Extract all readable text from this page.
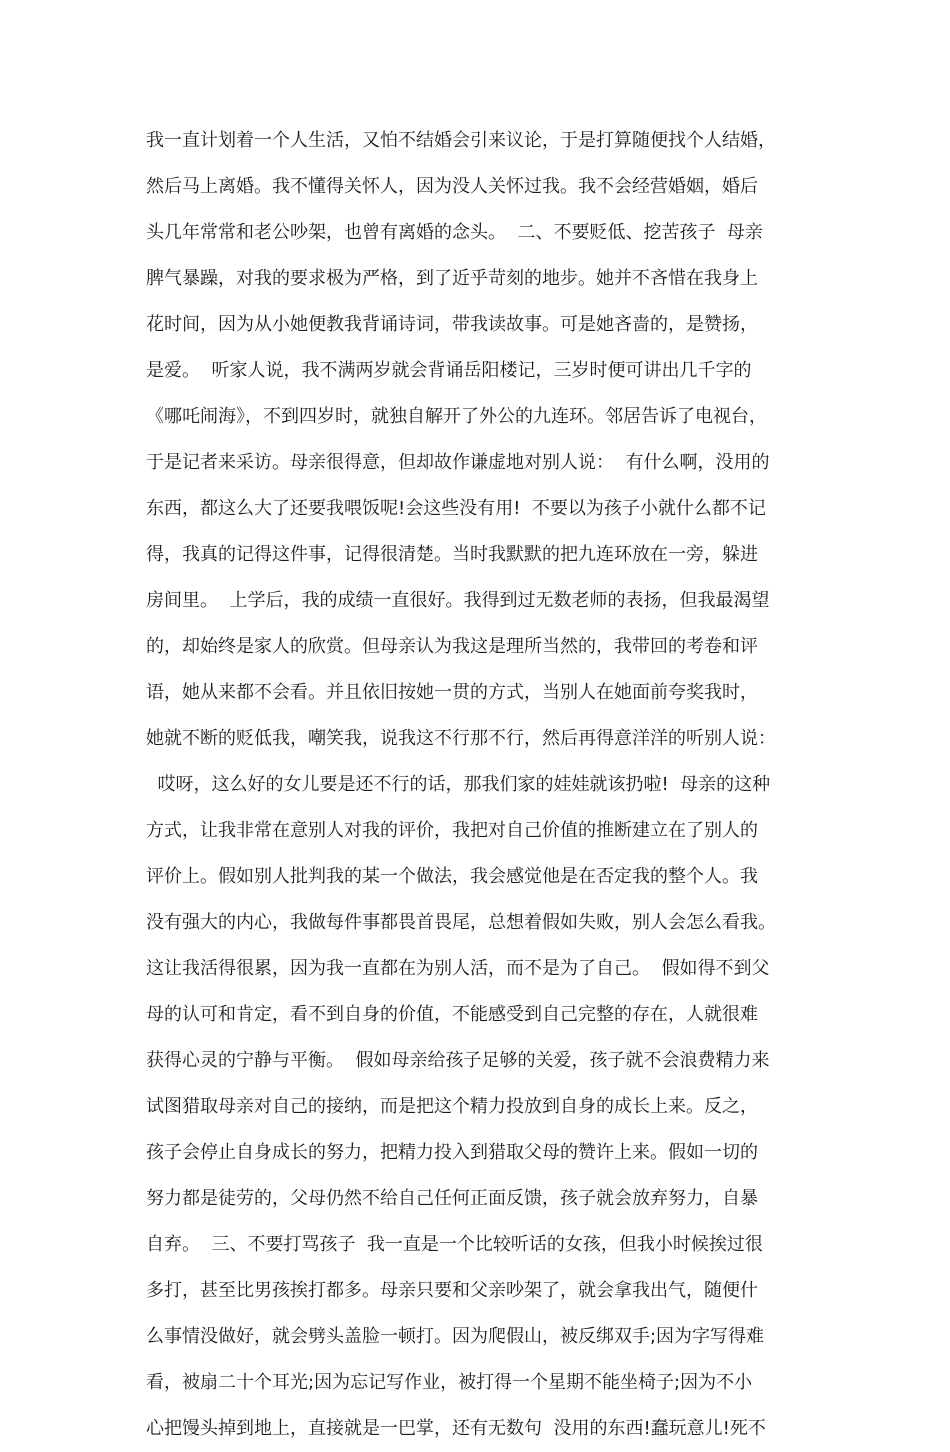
我一直计划着一个人生活，又怕不结婚会引来议论，于是打算随便找个人结婚，
然后马上离婚。我不懂得关怀人，因为没人关怀过我。我不会经营婚姻，婚后
头几年常常和老公吵架，也曾有离婚的念头。  二、不要贬低、挖苦孩子  母亲
脾气暴躁，对我的要求极为严格，到了近乎苛刻的地步。她并不吝惜在我身上
花时间，因为从小她便教我背诵诗词，带我读故事。可是她吝啬的，是赞扬，
是爱。  听家人说，我不满两岁就会背诵岳阳楼记，三岁时便可讲出几千字的
《哪吒闹海》，不到四岁时，就独自解开了外公的九连环。邻居告诉了电视台，
于是记者来采访。母亲很得意，但却故作谦虚地对别人说：  有什么啊，没用的
东西，都这么大了还要我喂饭呢!会这些没有用!  不要以为孩子小就什么都不记
得，我真的记得这件事，记得很清楚。当时我默默的把九连环放在一旁，躲进
房间里。  上学后，我的成绩一直很好。我得到过无数老师的表扬，但我最渴望
的，却始终是家人的欣赏。但母亲认为我这是理所当然的，我带回的考卷和评
语，她从来都不会看。并且依旧按她一贯的方式，当别人在她面前夸奖我时，
她就不断的贬低我，嘲笑我，说我这不行那不行，然后再得意洋洋的听别人说：
哎呀，这么好的女儿要是还不行的话，那我们家的娃娃就该扔啦!  母亲的这种
方式，让我非常在意别人对我的评价，我把对自己价值的推断建立在了别人的
评价上。假如别人批判我的某一个做法，我会感觉他是在否定我的整个人。我
没有强大的内心，我做每件事都畏首畏尾，总想着假如失败，别人会怎么看我。
这让我活得很累，因为我一直都在为别人活，而不是为了自己。  假如得不到父
母的认可和肯定，看不到自身的价值，不能感受到自己完整的存在，人就很难
获得心灵的宁静与平衡。  假如母亲给孩子足够的关爱，孩子就不会浪费精力来
试图猎取母亲对自己的接纳，而是把这个精力投放到自身的成长上来。反之，
孩子会停止自身成长的努力，把精力投入到猎取父母的赞许上来。假如一切的
努力都是徒劳的，父母仍然不给自己任何正面反馈，孩子就会放弃努力，自暴
自弃。  三、不要打骂孩子  我一直是一个比较听话的女孩，但我小时候挨过很
多打，甚至比男孩挨打都多。母亲只要和父亲吵架了，就会拿我出气，随便什
么事情没做好，就会劈头盖脸一顿打。因为爬假山，被反绑双手;因为字写得难
看，被扇二十个耳光;因为忘记写作业，被打得一个星期不能坐椅子;因为不小
心把馒头掉到地上，直接就是一巴掌，还有无数句  没用的东西!蠢玩意儿!死不
